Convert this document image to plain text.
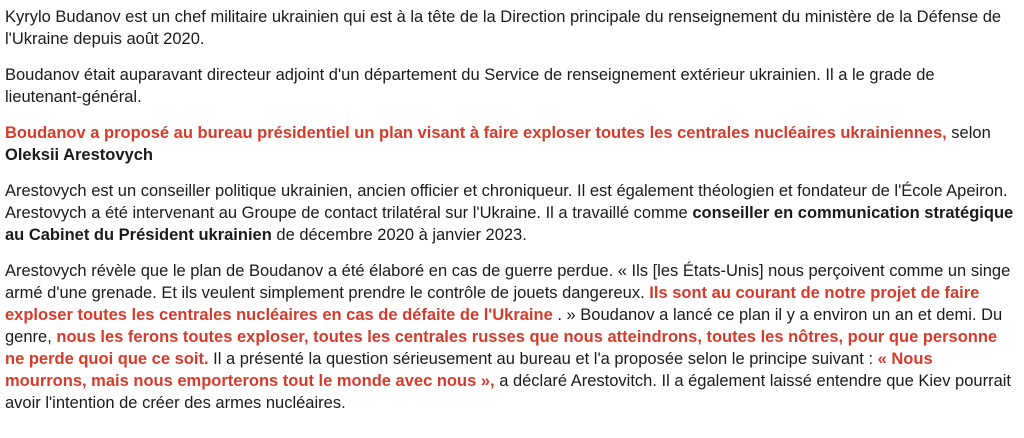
Kyrylo Budanov est un chef militaire ukrainien qui est à la tête de la Direction principale du renseignement du ministère de la Défense de l'Ukraine depuis août 2020.

Boudanov était auparavant directeur adjoint d'un département du Service de renseignement extérieur ukrainien. Il a le grade de lieutenant-général.

Boudanov a proposé au bureau présidentiel un plan visant à faire exploser toutes les centrales nucléaires ukrainiennes, selon Oleksii Arestovych

Arestovych est un conseiller politique ukrainien, ancien officier et chroniqueur. Il est également théologien et fondateur de l'École Apeiron. Arestovych a été intervenant au Groupe de contact trilatéral sur l'Ukraine. Il a travaillé comme conseiller en communication stratégique au Cabinet du Président ukrainien de décembre 2020 à janvier 2023.

Arestovych révèle que le plan de Boudanov a été élaboré en cas de guerre perdue. « Ils [les États-Unis] nous perçoivent comme un singe armé d'une grenade. Et ils veulent simplement prendre le contrôle de jouets dangereux. Ils sont au courant de notre projet de faire exploser toutes les centrales nucléaires en cas de défaite de l'Ukraine . » Boudanov a lancé ce plan il y a environ un an et demi. Du genre, nous les ferons toutes exploser, toutes les centrales russes que nous atteindrons, toutes les nôtres, pour que personne ne perde quoi que ce soit. Il a présenté la question sérieusement au bureau et l'a proposée selon le principe suivant : « Nous mourrons, mais nous emporterons tout le monde avec nous », a déclaré Arestovitch. Il a également laissé entendre que Kiev pourrait avoir l'intention de créer des armes nucléaires.
